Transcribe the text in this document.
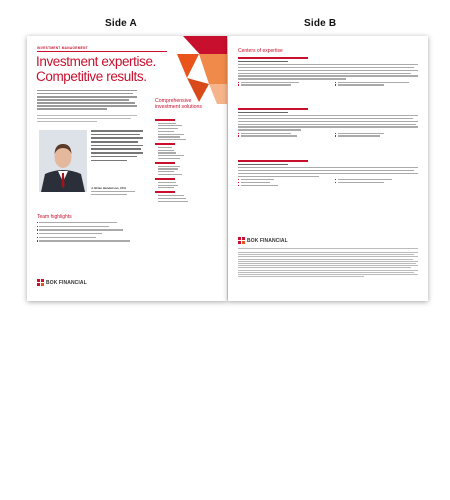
Side A	Side B
INVESTMENT MANAGEMENT
Investment expertise.
Competitive results.
J. Brian Henderson, CFA
Team highlights
Comprehensive investment solutions
BOK FINANCIAL
Centers of expertise
BOK FINANCIAL
